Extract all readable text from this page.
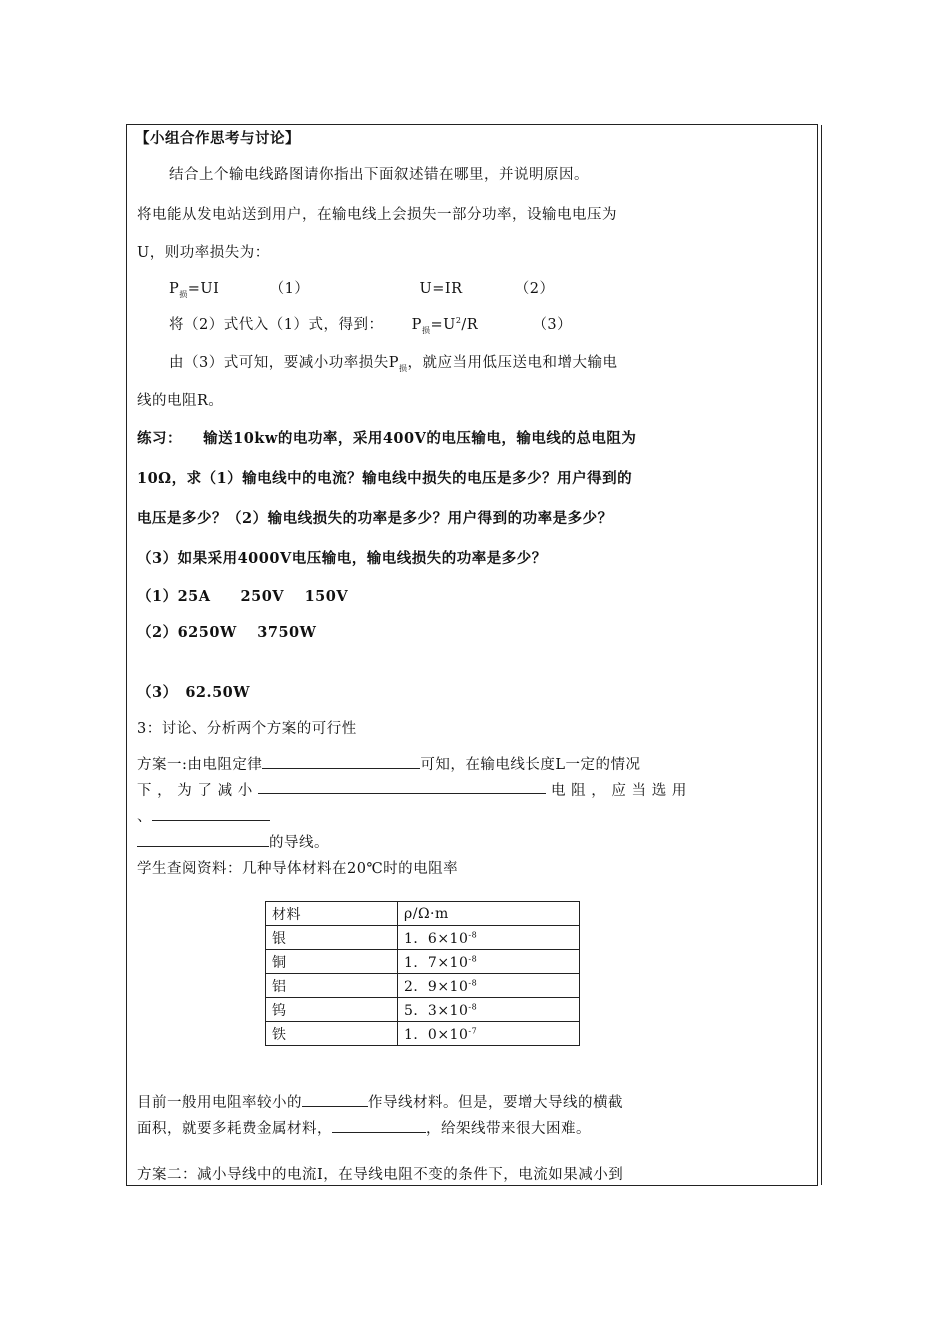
【小组合作思考与讨论】
结合上个输电线路图请你指出下面叙述错在哪里，并说明原因。
将电能从发电站送到用户，在输电线上会损失一部分功率，设输电电压为
U，则功率损失为：
$P_损=UI$	（1）	U=IR	（2）
将（2）式代入（1）式，得到： $P_损=U^2/R$	（3）
由（3）式可知，要减小功率损失$P_损$，就应当用低压送电和增大输电
线的电阻R。
练习： 输送10kw的电功率，采用400V的电压输电，输电线的总电阻为
10Ω，求（1）输电线中的电流？输电线中损失的电压是多少？用户得到的
电压是多少？（2）输电线损失的功率是多少？用户得到的功率是多少？
（3）如果采用4000V电压输电，输电线损失的功率是多少？
（1）25A　　250V　 150V
（2）6250W　 3750W
（3）　62.50W
3：讨论、分析两个方案的可行性
方案一:由电阻定律	可知，在输电线长度L一定的情况
下 ， 为 了 减 小	电 阻 ， 应 当 选 用
、
的导线。
学生查阅资料：几种导体材料在20℃时的电阻率
材料	ρ/Ω·m
银	1．$6\times 10^{-8}$
铜	1．$7\times 10^{-8}$
铝	2．$9\times 10^{-8}$
钨	5．$3\times 10^{-8}$
铁	1．$0\times 10^{-7}$
目前一般用电阻率较小的	作导线材料。但是，要增大导线的横截
面积，就要多耗费金属材料，	，给架线带来很大困难。
方案二：减小导线中的电流I，在导线电阻不变的条件下，电流如果减小到
